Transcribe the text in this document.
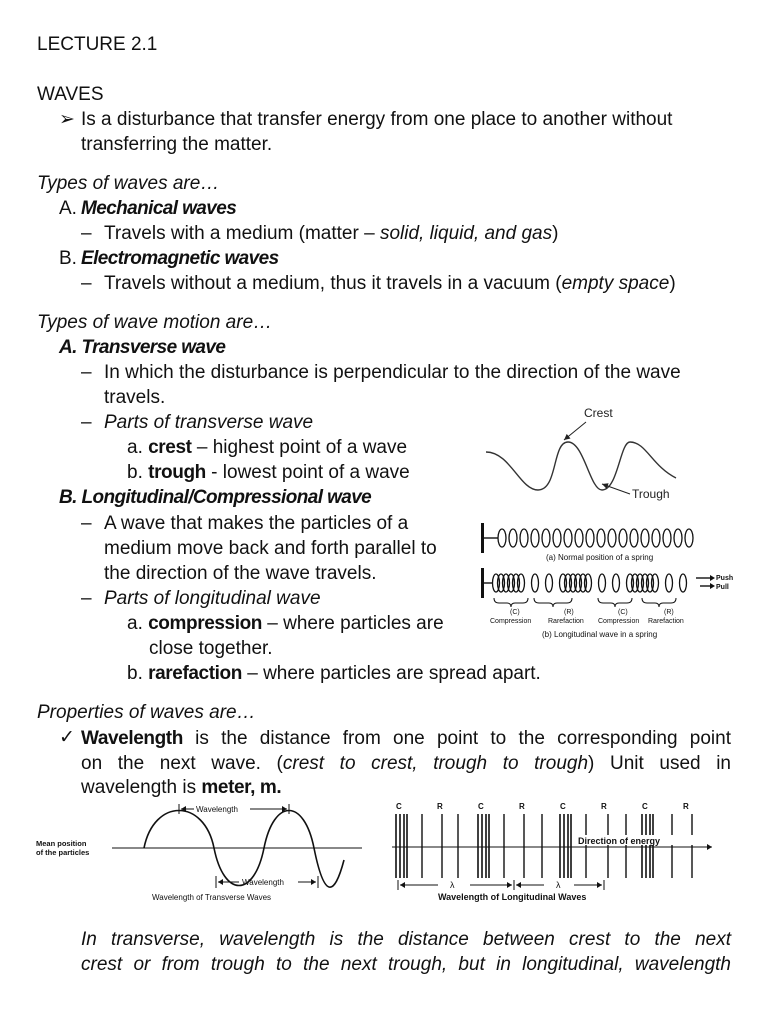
LECTURE 2.1
WAVES
➢ Is a disturbance that transfer energy from one place to another without
transferring the matter.
Types of waves are…
A. Mechanical waves
– Travels with a medium (matter – solid, liquid, and gas)
B. Electromagnetic waves
– Travels without a medium, thus it travels in a vacuum (empty space)
Types of wave motion are…
A. Transverse wave
– In which the disturbance is perpendicular to the direction of the wave
travels.
– Parts of transverse wave
a. crest – highest point of a wave
b. trough - lowest point of a wave
B. Longitudinal/Compressional wave
– A wave that makes the particles of a
medium move back and forth parallel to
the direction of the wave travels.
– Parts of longitudinal wave
a. compression – where particles are
close together.
b. rarefaction – where particles are spread apart.
Properties of waves are…
✓ Wavelength is the distance from one point to the corresponding point
on the next wave. (crest to crest, trough to trough) Unit used in
wavelength is meter, m.
In transverse, wavelength is the distance between crest to the next
crest or from trough to the next trough, but in longitudinal, wavelength
Crest
Trough
(a) Normal position of a spring
Push
Pull
(C)
Compression
(R)
Rarefaction
(C)
Compression
(R)
Rarefaction
(b) Longitudinal wave in a spring
Wavelength
Wavelength
Mean position
of the particles
Wavelength of Transverse Waves
C	R	C	R	C	R	C	R
Direction of energy
λ	λ
Wavelength of Longitudinal Waves
